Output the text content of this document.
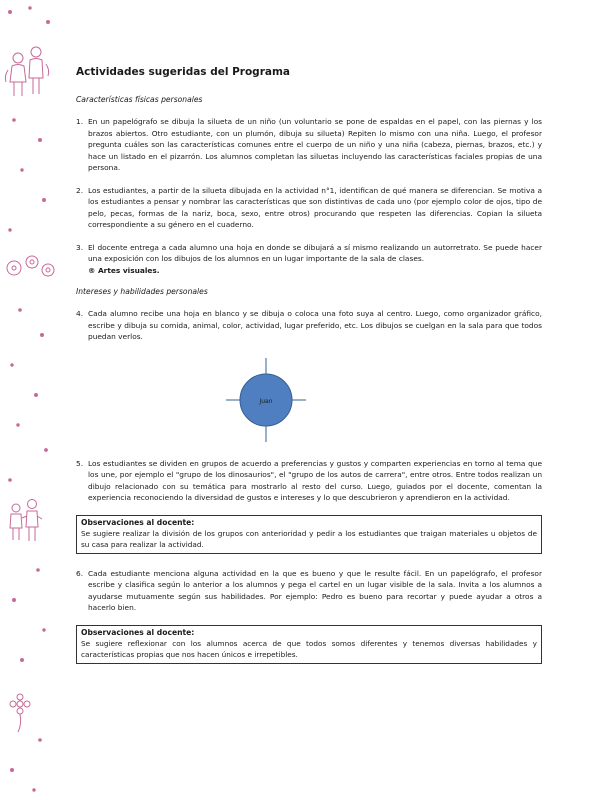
Actividades sugeridas del Programa
Características físicas personales
1. En un papelógrafo se dibuja la silueta de un niño (un voluntario se pone de espaldas en el papel, con las piernas y los brazos abiertos. Otro estudiante, con un plumón, dibuja su silueta) Repiten lo mismo con una niña. Luego, el profesor pregunta cuáles son las características comunes entre el cuerpo de un niño y una niña (cabeza, piernas, brazos, etc.) y hace un listado en el pizarrón. Los alumnos completan las siluetas incluyendo las características faciales propias de una persona.
2. Los estudiantes, a partir de la silueta dibujada en la actividad n°1, identifican de qué manera se diferencian. Se motiva a los estudiantes a pensar y nombrar las características que son distintivas de cada uno (por ejemplo color de ojos, tipo de pelo, pecas, formas de la nariz, boca, sexo, entre otros) procurando que respeten las diferencias. Copian la silueta correspondiente a su género en el cuaderno.
3. El docente entrega a cada alumno una hoja en donde se dibujará a sí mismo realizando un autorretrato. Se puede hacer una exposición con los dibujos de los alumnos en un lugar importante de la sala de clases.
® Artes visuales.
Intereses y habilidades personales
4. Cada alumno recibe una hoja en blanco y se dibuja o coloca una foto suya al centro. Luego, como organizador gráfico, escribe y dibuja su comida, animal, color, actividad, lugar preferido, etc. Los dibujos se cuelgan en la sala para que todos puedan verlos.
Juan
5. Los estudiantes se dividen en grupos de acuerdo a preferencias y gustos y comparten experiencias en torno al tema que los une, por ejemplo el "grupo de los dinosaurios", el "grupo de los autos de carrera", entre otros. Entre todos realizan un dibujo relacionado con su temática para mostrarlo al resto del curso. Luego, guiados por el docente, comentan la experiencia reconociendo la diversidad de gustos e intereses y lo que descubrieron y aprendieron en la actividad.
Observaciones al docente:
Se sugiere realizar la división de los grupos con anterioridad y pedir a los estudiantes que traigan materiales u objetos de su casa para realizar la actividad.
6. Cada estudiante menciona alguna actividad en la que es bueno y que le resulte fácil. En un papelógrafo, el profesor escribe y clasifica según lo anterior a los alumnos y pega el cartel en un lugar visible de la sala. Invita a los alumnos a ayudarse mutuamente según sus habilidades. Por ejemplo: Pedro es bueno para recortar y puede ayudar a otros a hacerlo bien.
Observaciones al docente:
Se sugiere reflexionar con los alumnos acerca de que todos somos diferentes y tenemos diversas habilidades y características propias que nos hacen únicos e irrepetibles.
